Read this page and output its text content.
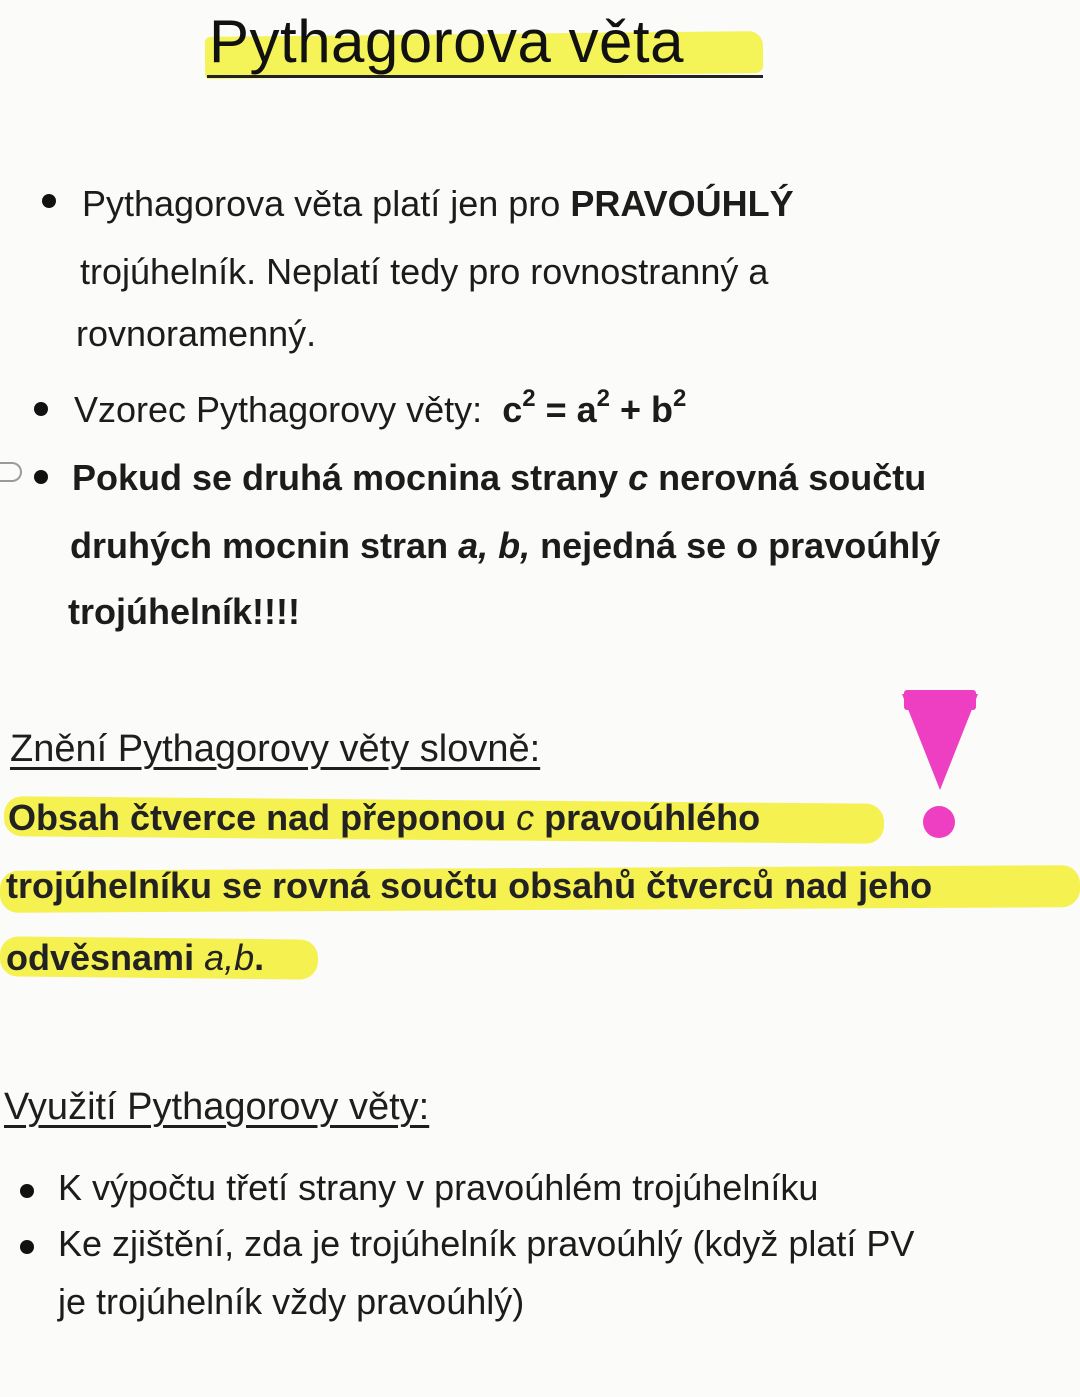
Pythagorova věta
Pythagorova věta platí jen pro PRAVOÚHLÝ
trojúhelník. Neplatí tedy pro rovnostranný a
rovnoramenný.
Vzorec Pythagorovy věty: $c^2 = a^2 + b^2$
Pokud se druhá mocnina strany c nerovná součtu
druhých mocnin stran a, b, nejedná se o pravoúhlý
trojúhelník!!!!
Znění Pythagorovy věty slovně:
Obsah čtverce nad přeponou c pravoúhlého
trojúhelníku se rovná součtu obsahů čtverců nad jeho
odvěsnami a,b.
Využití Pythagorovy věty:
K výpočtu třetí strany v pravoúhlém trojúhelníku
Ke zjištění, zda je trojúhelník pravoúhlý (když platí PV
je trojúhelník vždy pravoúhlý)
